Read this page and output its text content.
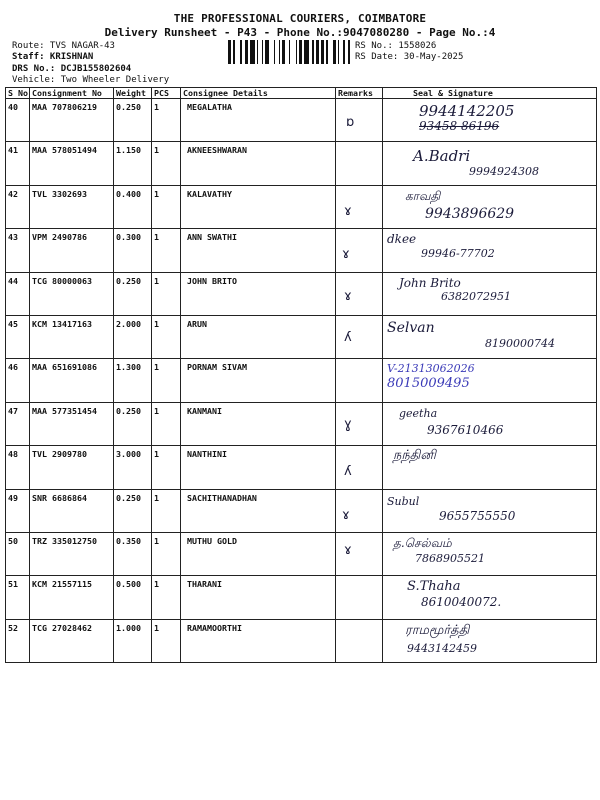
THE PROFESSIONAL COURIERS, COIMBATORE
Delivery Runsheet - P43 - Phone No.:9047080280 - Page No.:4
Route: TVS NAGAR-43
Staff: KRISHNAN
DRS No.: DCJB155802604
Vehicle: Two Wheeler Delivery
RS No.: 1558026
RS Date: 30-May-2025
S No	Consignment No	Weight	PCS	Consignee Details	Remarks	Seal & Signature
40	MAA 707806219	0.250	1	MEGALATHA	ɒ	9944142205
93458 86196

41	MAA 578051494	1.150	1	AKNEESHWARAN		A.Badri
9994924308

42	TVL 3302693	0.400	1	KALAVATHY	ɤ	காவதி
9943896629

43	VPM 2490786	0.300	1	ANN SWATHI	ɤ	dkee
99946-77702

44	TCG 80000063	0.250	1	JOHN BRITO	ɤ	John Brito
6382072951

45	KCM 13417163	2.000	1	ARUN	ʎ	Selvan
8190000744

46	MAA 651691086	1.300	1	PORNAM SIVAM		V-21313062026
8015009495

47	MAA 577351454	0.250	1	KANMANI	ɣ	geetha
9367610466

48	TVL 2909780	3.000	1	NANTHINI	ʎ	நந்தினி

49	SNR 6686864	0.250	1	SACHITHANADHAN	ɤ	Subul
9655755550

50	TRZ 335012750	0.350	1	MUTHU GOLD	ɤ	த.செல்வம்
7868905521

51	KCM 21557115	0.500	1	THARANI		S.Thaha
8610040072.

52	TCG 27028462	1.000	1	RAMAMOORTHI		ராமமூர்த்தி
9443142459
